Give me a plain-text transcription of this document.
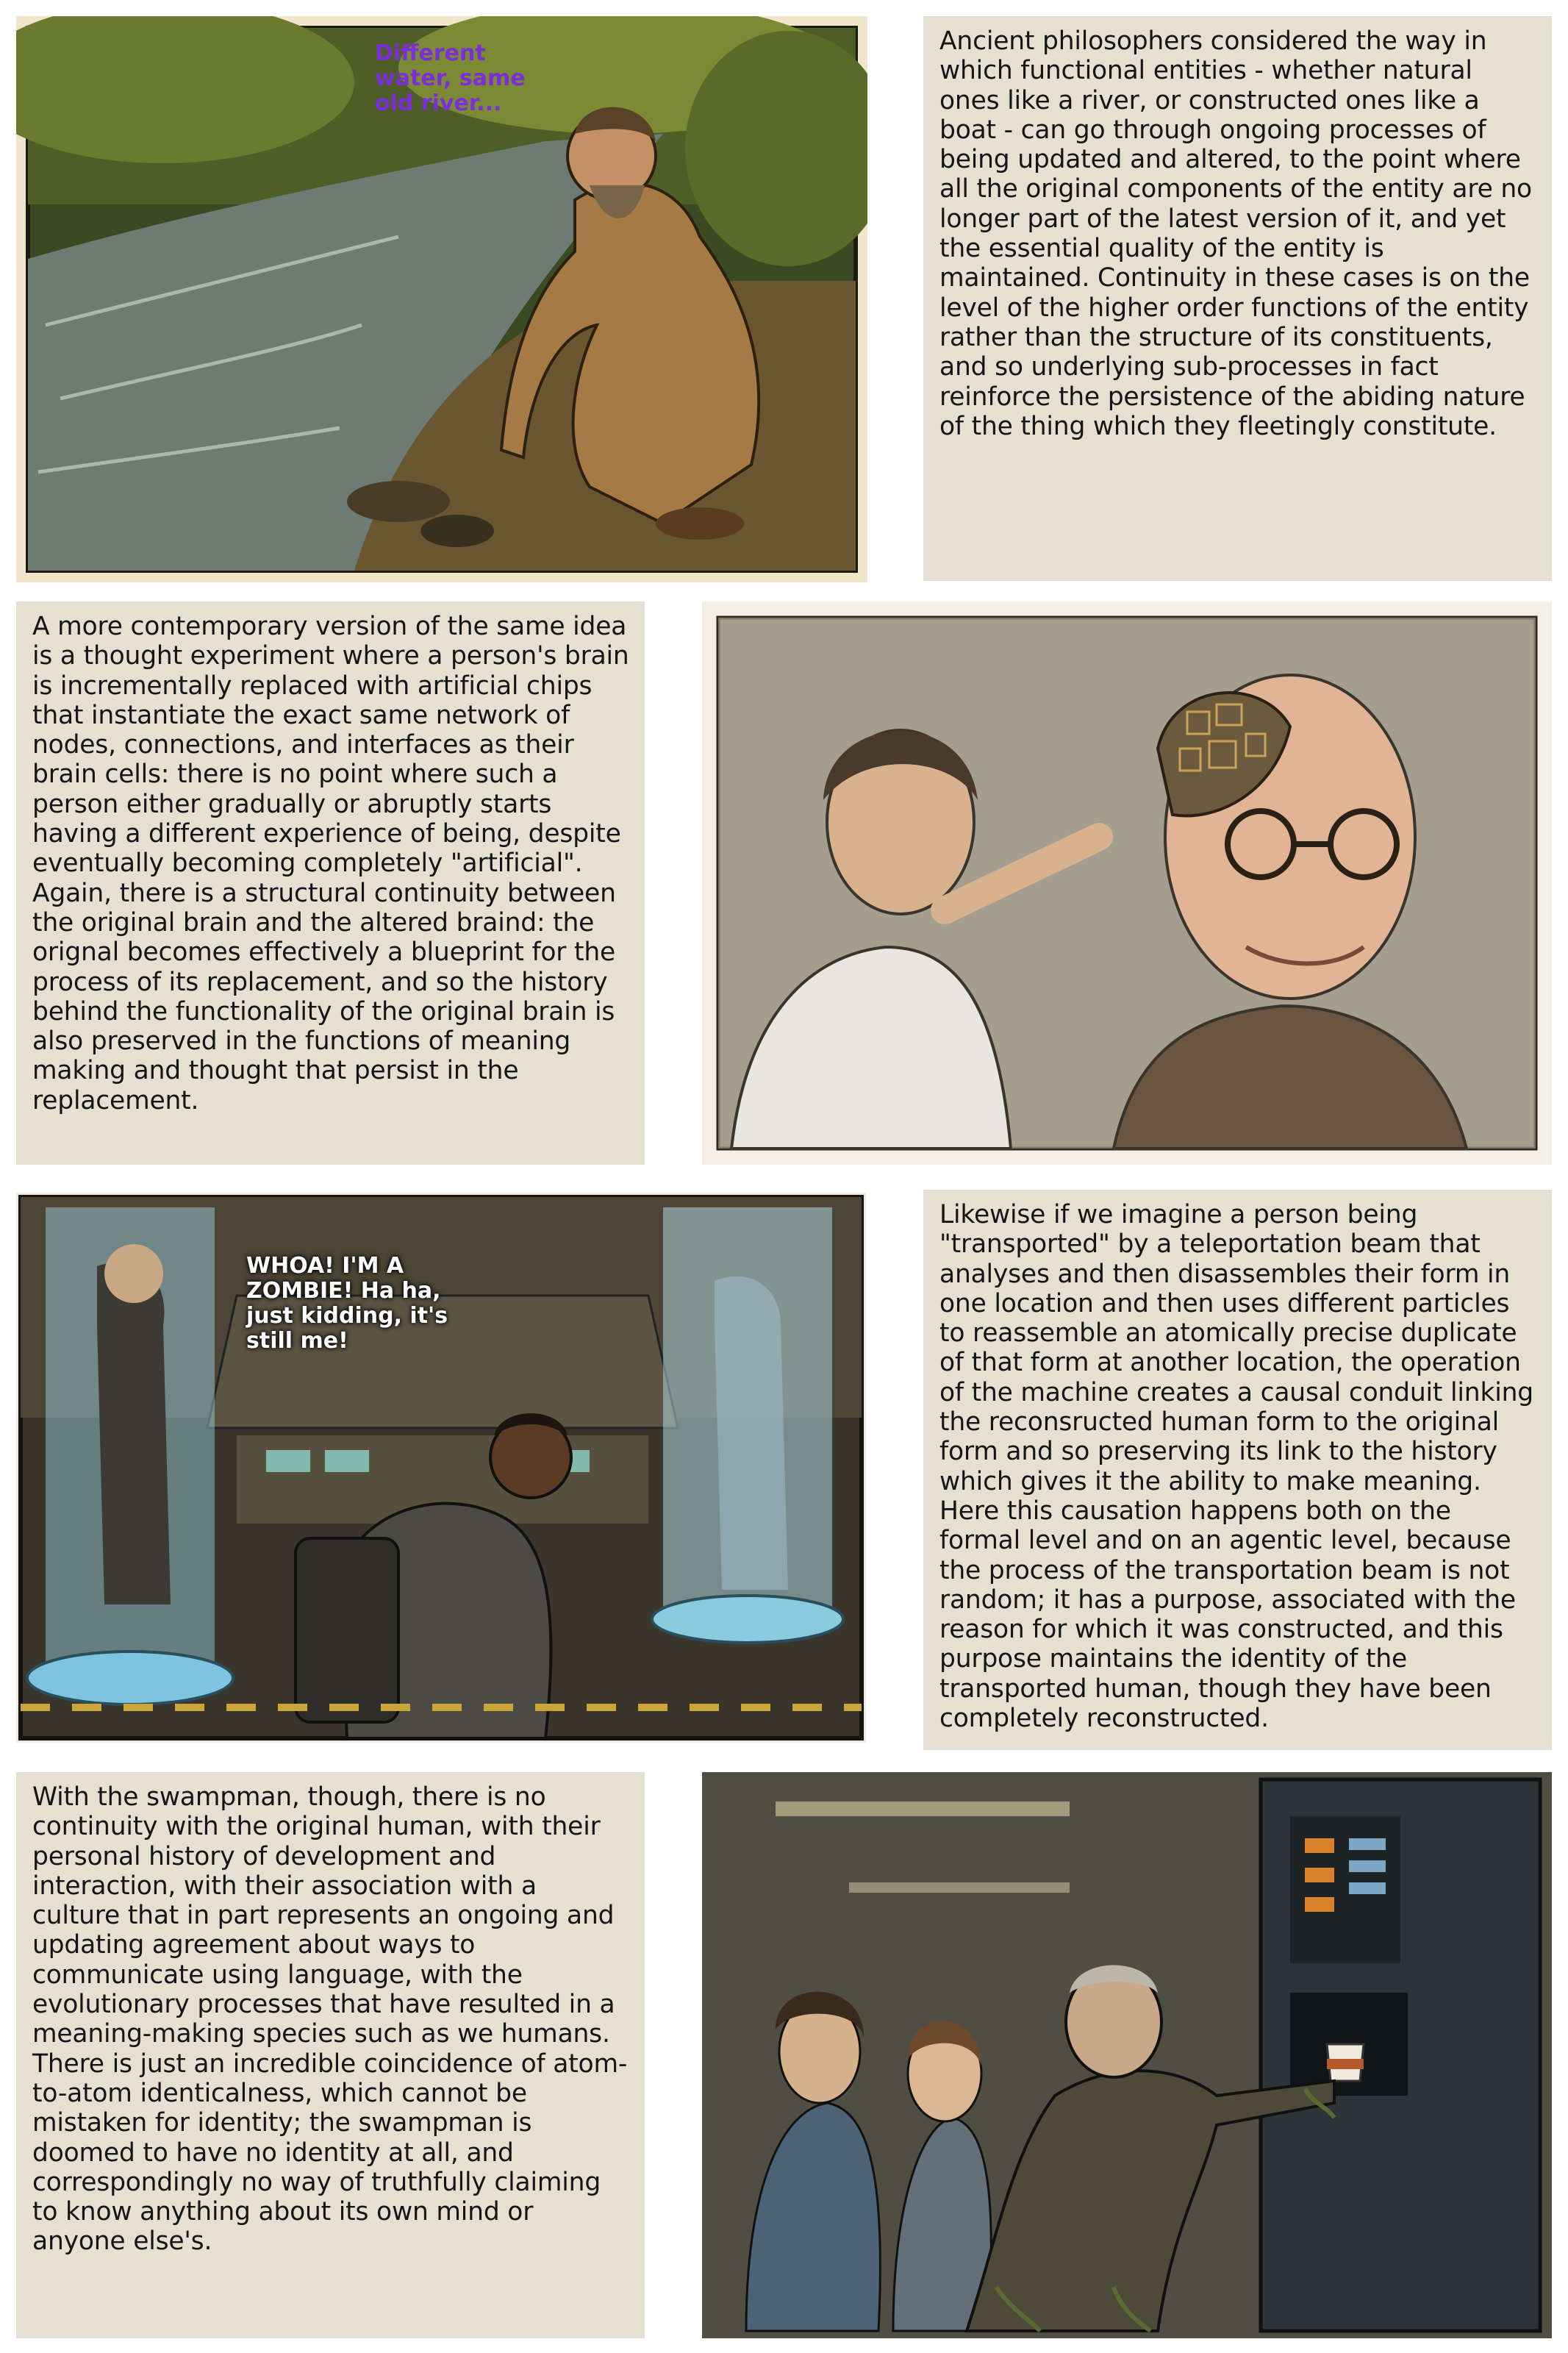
Different water, same old river...

Ancient philosophers considered the way in which functional entities - whether natural ones like a river, or constructed ones like a boat - can go through ongoing processes of being updated and altered, to the point where all the original components of the entity are no longer part of the latest version of it, and yet the essential quality of the entity is maintained. Continuity in these cases is on the level of the higher order functions of the entity rather than the structure of its constituents, and so underlying sub-processes in fact reinforce the persistence of the abiding nature of the thing which they fleetingly constitute.

A more contemporary version of the same idea is a thought experiment where a person's brain is incrementally replaced with artificial chips that instantiate the exact same network of nodes, connections, and interfaces as their brain cells: there is no point where such a person either gradually or abruptly starts having a different experience of being, despite eventually becoming completely "artificial". Again, there is a structural continuity between the original brain and the altered braind: the orignal becomes effectively a blueprint for the process of its replacement, and so the history behind the functionality of the original brain is also preserved in the functions of meaning making and thought that persist in the replacement.

WHOA! I'M A ZOMBIE! Ha ha, just kidding, it's still me!

Likewise if we imagine a person being "transported" by a teleportation beam that analyses and then disassembles their form in one location and then uses different particles to reassemble an atomically precise duplicate of that form at another location, the operation of the machine creates a causal conduit linking the reconsructed human form to the original form and so preserving its link to the history which gives it the ability to make meaning. Here this causation happens both on the formal level and on an agentic level, because the process of the transportation beam is not random; it has a purpose, associated with the reason for which it was constructed, and this purpose maintains the identity of the transported human, though they have been completely reconstructed.

With the swampman, though, there is no continuity with the original human, with their personal history of development and interaction, with their association with a culture that in part represents an ongoing and updating agreement about ways to communicate using language, with the evolutionary processes that have resulted in a meaning-making species such as we humans. There is just an incredible coincidence of atom-to-atom identicalness, which cannot be mistaken for identity; the swampman is doomed to have no identity at all, and correspondingly no way of truthfully claiming to know anything about its own mind or anyone else's.
